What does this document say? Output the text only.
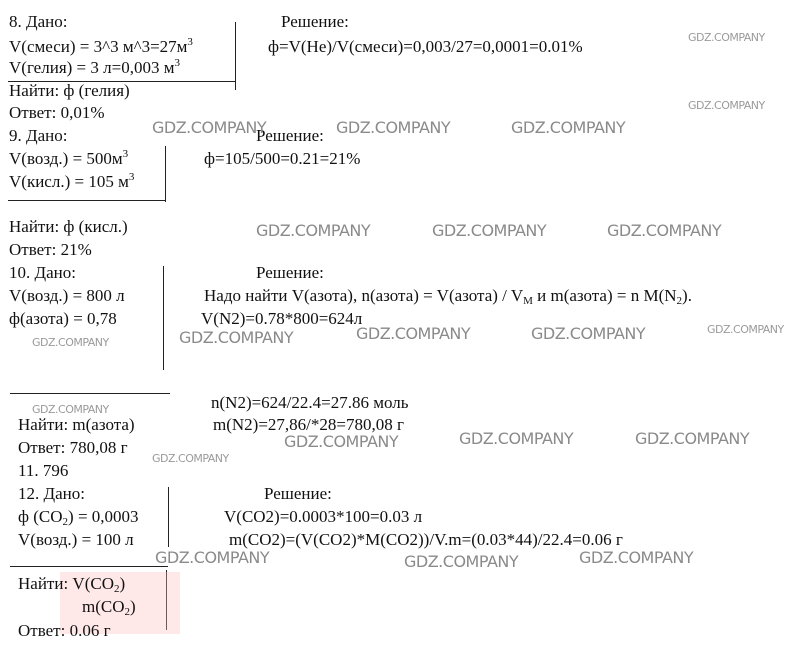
8. Дано:
V(смеси) = 3^3 $м\^{}3=27м^3$
V(гелия) = 3 л=0,003 $м^3$
Решение:
ф=V(He)/V(смеси)=0,003/27=0,0001=0.01%
Найти: ф (гелия)
Ответ: 0,01%
9. Дано:
V(возд.) = $500м^3$
V(кисл.) = 105 $м^3$
Решение:
ф=105/500=0.21=21%
Найти: ф (кисл.)
Ответ: 21%
10. Дано:
V(возд.) = 800 л
ф(азота) = 0,78
Решение:
Надо найти V(азота), n(азота) = V(азота) / $V_М$ и m(азота) = n $M(N_2)$.
V(N2)=0.78*800=624л
n(N2)=624/22.4=27.86 моль
m(N2)=27,86/*28=780,08 г
Найти: m(азота)
Ответ: 780,08 г
11. 796
12. Дано:
ф $(CO_2) = 0,0003$
V(возд.) = 100 л
Решение:
V(CO2)=0.0003*100=0.03 л
m(CO2)=(V(CO2)*M(CO2))/V.m=(0.03*44)/22.4=0.06 г
Найти: $V(CO_2)$
$m(CO_2)$
Ответ: 0.06 г
GDZ.COMPANY
GDZ.COMPANY
GDZ.COMPANY	GDZ.COMPANY	GDZ.COMPANY
GDZ.COMPANY	GDZ.COMPANY	GDZ.COMPANY
GDZ.COMPANY
GDZ.COMPANY	GDZ.COMPANY	GDZ.COMPANY
GDZ.COMPANY
GDZ.COMPANY
GDZ.COMPANY	GDZ.COMPANY	GDZ.COMPANY
GDZ.COMPANY
GDZ.COMPANY	GDZ.COMPANY	GDZ.COMPANY
